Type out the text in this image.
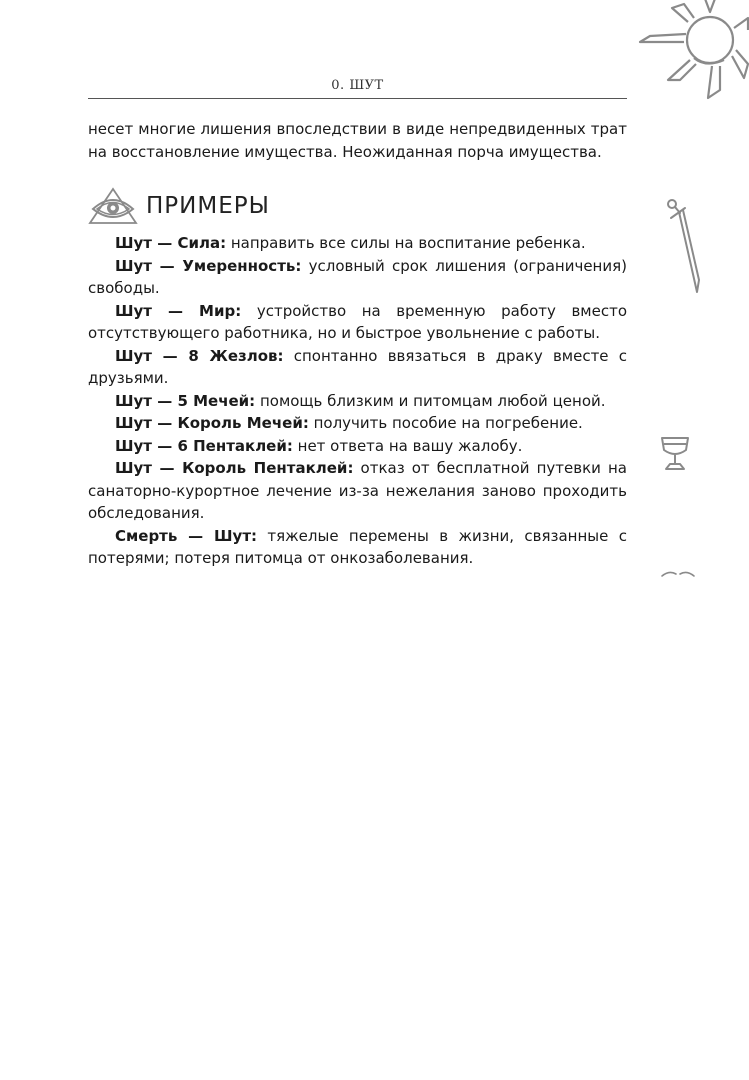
0. ШУТ

несет многие лишения впоследствии в виде непредвиденных трат на восстановление имущества. Неожиданная порча имущества.

ПРИМЕРЫ

Шут — Сила: направить все силы на воспитание ребенка.

Шут — Умеренность: условный срок лишения (ограничения) свободы.

Шут — Мир: устройство на временную работу вместо отсутствующего работника, но и быстрое увольнение с работы.

Шут — 8 Жезлов: спонтанно ввязаться в драку вместе с друзьями.

Шут — 5 Мечей: помощь близким и питомцам любой ценой.

Шут — Король Мечей: получить пособие на погребение.

Шут — 6 Пентаклей: нет ответа на вашу жалобу.

Шут — Король Пентаклей: отказ от бесплатной путевки на санаторно-курортное лечение из-за нежелания заново проходить обследования.

Смерть — Шут: тяжелые перемены в жизни, связанные с потерями; потеря питомца от онкозаболевания.
